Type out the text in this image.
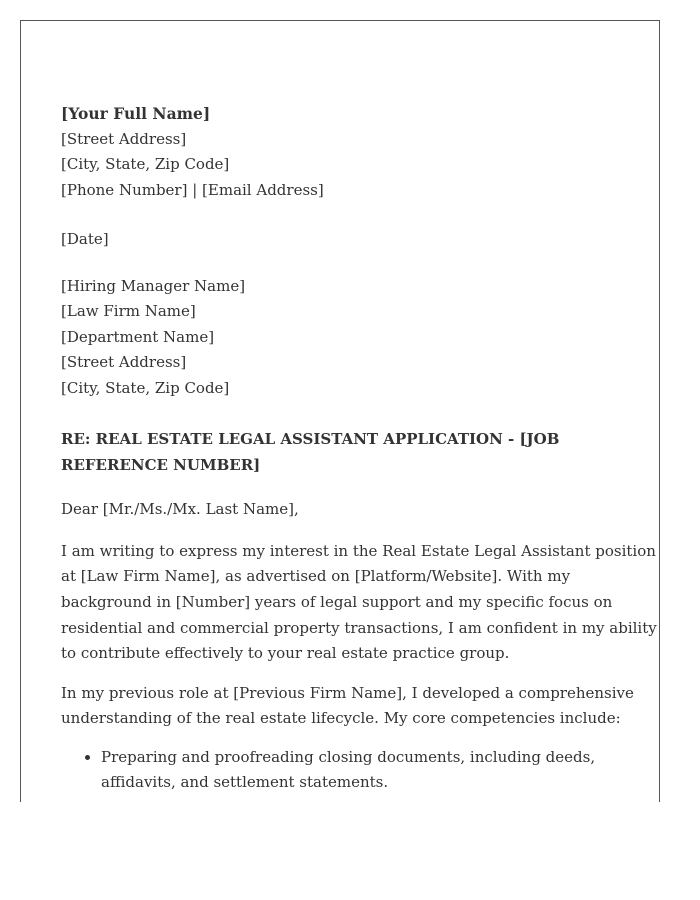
[Your Full Name]
[Street Address]
[City, State, Zip Code]
[Phone Number] | [Email Address]
[Date]
[Hiring Manager Name]
[Law Firm Name]
[Department Name]
[Street Address]
[City, State, Zip Code]
RE: REAL ESTATE LEGAL ASSISTANT APPLICATION - [JOB
REFERENCE NUMBER]
Dear [Mr./Ms./Mx. Last Name],
I am writing to express my interest in the Real Estate Legal Assistant position
at [Law Firm Name], as advertised on [Platform/Website]. With my
background in [Number] years of legal support and my specific focus on
residential and commercial property transactions, I am confident in my ability
to contribute effectively to your real estate practice group.
In my previous role at [Previous Firm Name], I developed a comprehensive
understanding of the real estate lifecycle. My core competencies include:
• Preparing and proofreading closing documents, including deeds,
affidavits, and settlement statements.
